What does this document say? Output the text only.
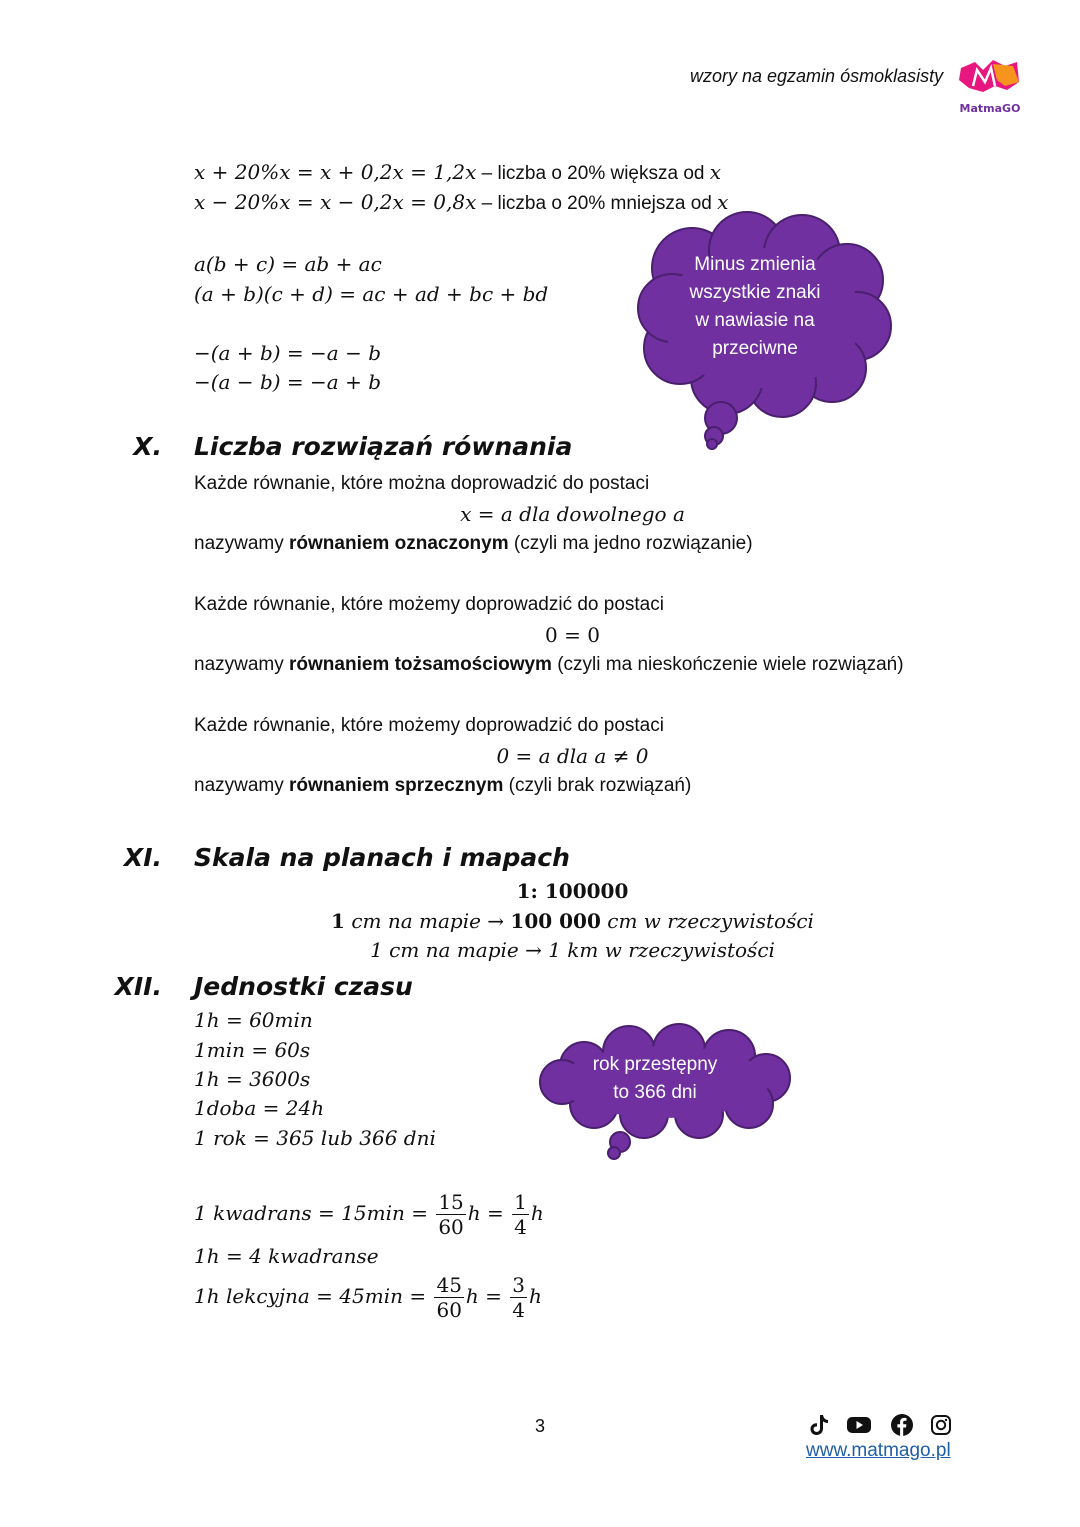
wzory na egzamin ósmoklasisty
MatmaGO
x + 20%x = x + 0,2x = 1,2x – liczba o 20% większa od x
x − 20%x = x − 0,2x = 0,8x – liczba o 20% mniejsza od x
a(b + c) = ab + ac
(a + b)(c + d) = ac + ad + bc + bd
−(a + b) = −a − b
−(a − b) = −a + b
Minus zmienia
wszystkie znaki
w nawiasie na
przeciwne
X. Liczba rozwiązań równania
Każde równanie, które można doprowadzić do postaci
x = a dla dowolnego a
nazywamy równaniem oznaczonym (czyli ma jedno rozwiązanie)
Każde równanie, które możemy doprowadzić do postaci
0 = 0
nazywamy równaniem tożsamościowym (czyli ma nieskończenie wiele rozwiązań)
Każde równanie, które możemy doprowadzić do postaci
0 = a dla a ≠ 0
nazywamy równaniem sprzecznym (czyli brak rozwiązań)
XI. Skala na planach i mapach
1: 100000
1 cm na mapie → 100 000 cm w rzeczywistości
1 cm na mapie → 1 km w rzeczywistości
XII. Jednostki czasu
1h = 60min
1min = 60s
1h = 3600s
1doba = 24h
1 rok = 365 lub 366 dni
rok przestępny
to 366 dni
1 kwadrans = $15\min = \frac{15}{60}$ $h = \frac{1}{4}$ h
1h = 4 kwadranse
1h lekcyjna = $45\min = \frac{45}{60}$ $h = \frac{3}{4}$ h
3
www.matmago.pl
